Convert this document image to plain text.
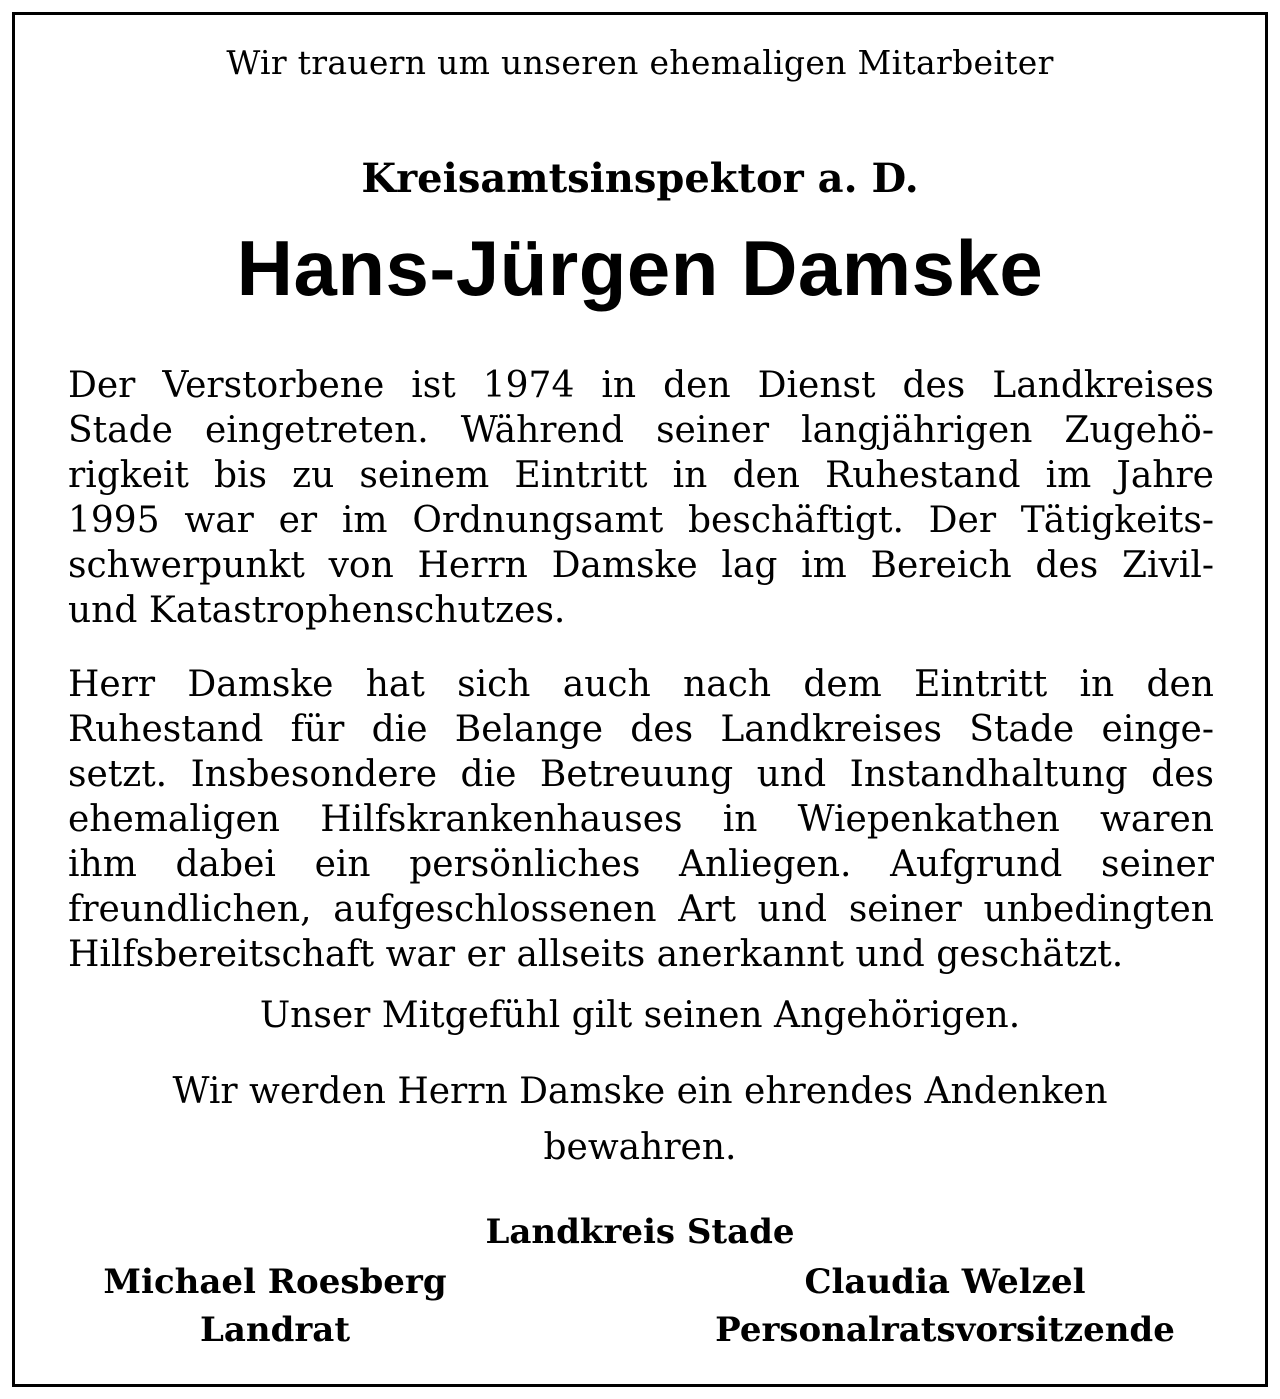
Wir trauern um unseren ehemaligen Mitarbeiter
Kreisamtsinspektor a. D.
Hans-Jürgen Damske
Der Verstorbene ist 1974 in den Dienst des Landkreises
Stade eingetreten. Während seiner langjährigen Zugehö-
rigkeit bis zu seinem Eintritt in den Ruhestand im Jahre
1995 war er im Ordnungsamt beschäftigt. Der Tätigkeits-
schwerpunkt von Herrn Damske lag im Bereich des Zivil-
und Katastrophenschutzes.
Herr Damske hat sich auch nach dem Eintritt in den
Ruhestand für die Belange des Landkreises Stade einge-
setzt. Insbesondere die Betreuung und Instandhaltung des
ehemaligen Hilfskrankenhauses in Wiepenkathen waren
ihm dabei ein persönliches Anliegen. Aufgrund seiner
freundlichen, aufgeschlossenen Art und seiner unbedingten
Hilfsbereitschaft war er allseits anerkannt und geschätzt.
Unser Mitgefühl gilt seinen Angehörigen.
Wir werden Herrn Damske ein ehrendes Andenken
bewahren.
Landkreis Stade
Michael Roesberg
Landrat
Claudia Welzel
Personalratsvorsitzende
